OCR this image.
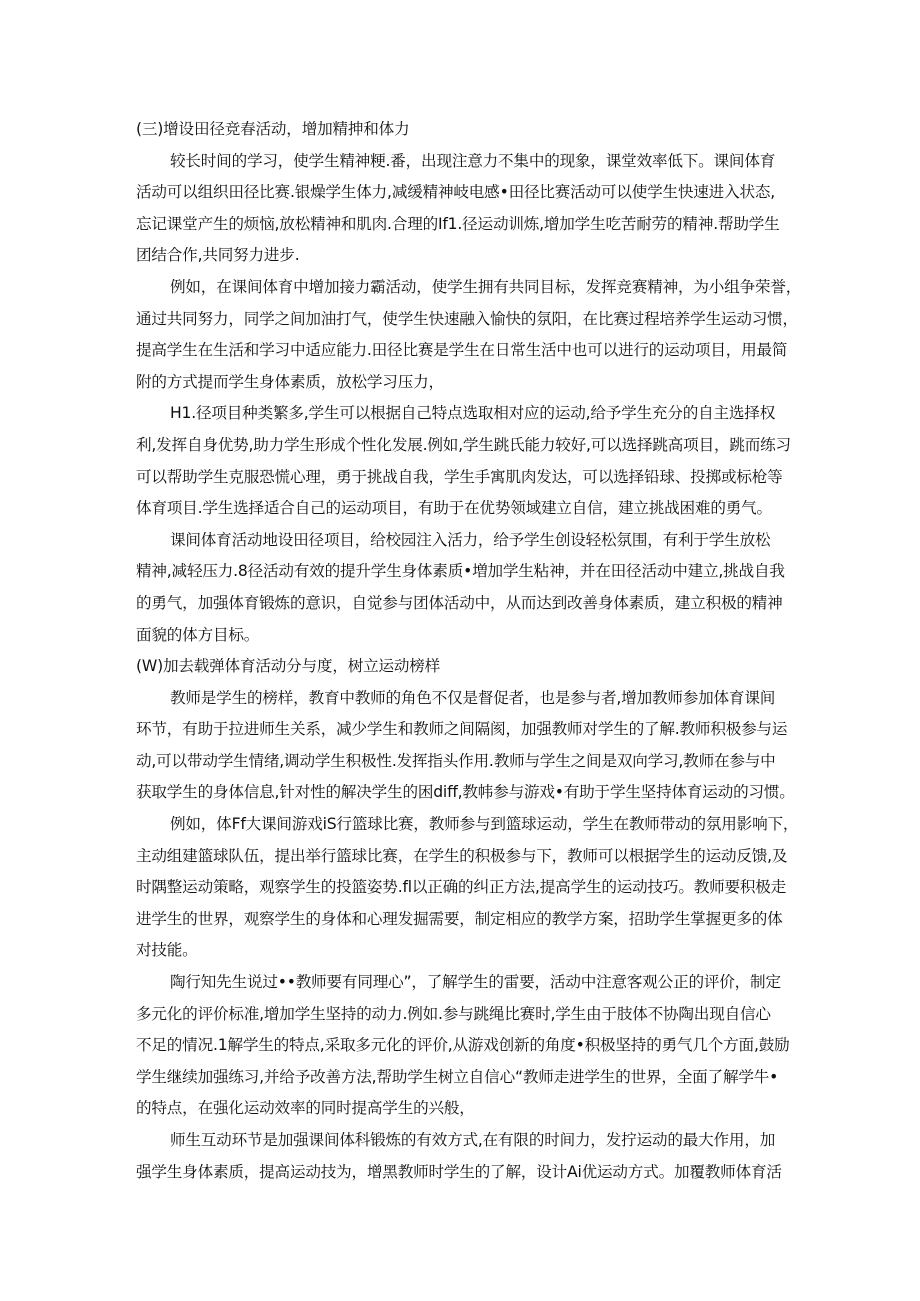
(三)增设田径竞春活动，增加精抻和体力
较长时间的学习，使学生精神粳.番，出现注意力不集中的现象，课堂效率低下。课间体育
活动可以组织田径比赛.银燥学生体力,减缓精神岐电感•田径比赛活动可以使学生快速进入状态,
忘记课堂产生的烦恼,放松精神和肌肉.合理的If1.径运动训炼,增加学生吃苦耐劳的精神.帮助学生
团结合作,共同努力进步.
例如，在课间体育中增加接力霸活动，使学生拥有共同目标，发挥竞赛精神，为小组争荣誉，
通过共同努力，同学之间加油打气，使学生快速融入愉快的氛阳，在比赛过程培养学生运动习惯，
提高学生在生活和学习中适应能力.田径比赛是学生在日常生活中也可以进行的运动项目，用最简
附的方式提而学生身体素质，放松学习压力，
H1.径项目种类繁多,学生可以根据自己特点选取相对应的运动,给予学生充分的自主选择权
利,发挥自身优势,助力学生形成个性化发展.例如,学生跳氏能力较好,可以选择跳高项目，跳而练习
可以帮助学生克服恐慌心理，勇于挑战自我，学生手寓肌肉发达，可以选择铅球、投掷或标枪等
体育项目.学生选择适合自己的运动项目，有助于在优势领域建立自信，建立挑战困难的勇气。
课间体育活动地设田径项目，给校园注入活力，给予学生创设轻松氛围，有利于学生放松
精神,减轻压力.8径活动有效的提升学生身体素质•増加学生粘神，并在田径活动中建立,挑战自我
的勇气，加强体育锻炼的意识，自觉参与团体活动中，从而达到改善身体素质，建立积极的精神
面貌的体方目标。
(W)加去载弹体育活动分与度，树立运动榜样
教师是学生的榜样，教育中教师的角色不仅是督促者，也是参与者,增加教师参加体育课间
环节，有助于拉进师生关系，减少学生和教师之间隔阂，加强教师对学生的了解.教师积极参与运
动,可以带动学生情绪,调动学生积极性.发挥指头作用.教师与学生之间是双向学习,教师在参与中
获取学生的身体信息,针对性的解决学生的困diff,教帏参与游戏•有助于学生坚持体育运动的习惯。
例如，体Ff大课间游戏iS行篮球比赛，教师参与到篮球运动，学生在教师带动的氛用影响下，
主动组建篮球队伍，提出举行篮球比赛，在学生的积极参与下，教师可以根据学生的运动反馈,及
时隅整运动策略，观察学生的投篮姿势.fl以正确的纠正方法,提高学生的运动技巧。教师要积极走
进学生的世界，观察学生的身体和心理发掘需要，制定相应的教学方案，招助学生掌握更多的体
对技能。
陶行知先生说过••教师要有同理心”，了解学生的雷要，活动中注意客观公正的评价，制定
多元化的评价标准,增加学生坚持的动力.例如.参与跳绳比赛时,学生由于肢体不协陶出现自信心
不足的情况.1解学生的特点,采取多元化的评价,从游戏创新的角度•积极坚持的勇气几个方面,鼓励
学生继续加强练习,并给予改善方法,帮助学生树立自信心“教师走进学生的世界，全面了解学牛•
的特点，在强化运动效率的同时提高学生的兴般，
师生互动环节是加强课间体科锻炼的有效方式,在有限的时间力，发拧运动的最大作用，加
强学生身体素质，提高运动技为，增黑教师时学生的了解，设计Ai优运动方式。加覆教师体育活
